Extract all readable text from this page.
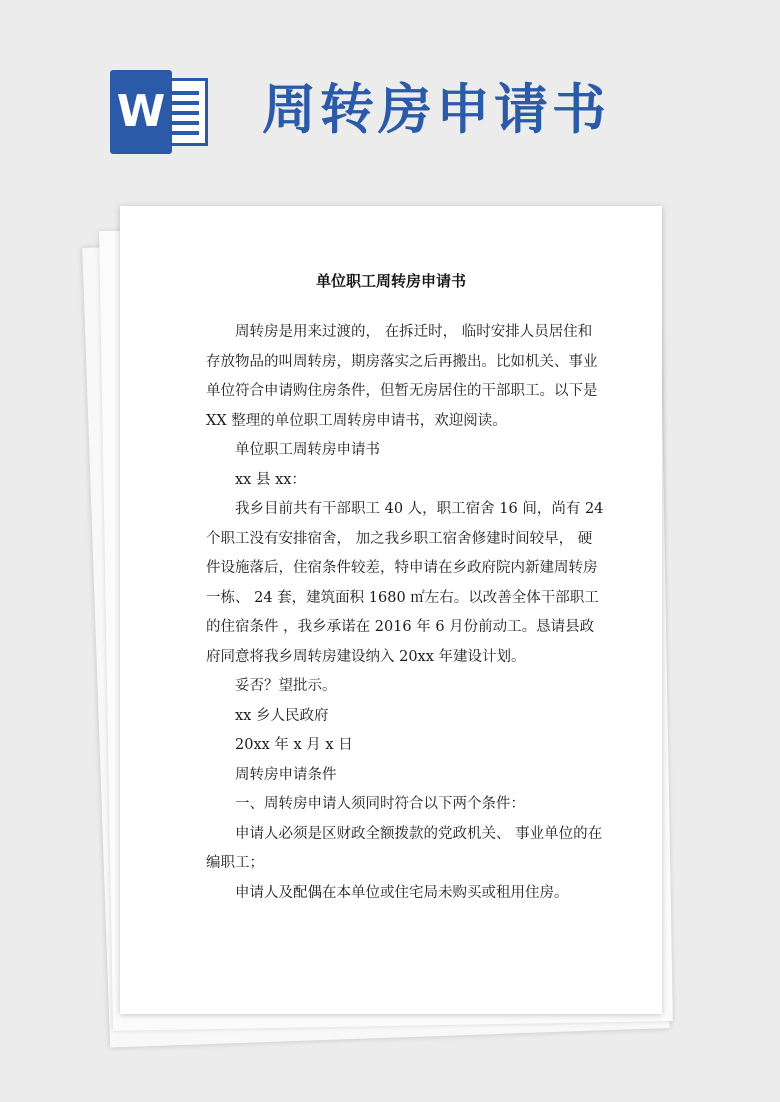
W 周转房申请书
单位职工周转房申请书

周转房是用来过渡的， 在拆迁时， 临时安排人员居住和存放物品的叫周转房，期房落实之后再搬出。比如机关、事业单位符合申请购住房条件，但暂无房居住的干部职工。以下是 XX 整理的单位职工周转房申请书，欢迎阅读。

单位职工周转房申请书

xx 县 xx：

我乡目前共有干部职工 40 人，职工宿舍 16 间，尚有 24 个职工没有安排宿舍， 加之我乡职工宿舍修建时间较早， 硬件设施落后，住宿条件较差，特申请在乡政府院内新建周转房一栋、 24 套，建筑面积 1680 ㎡左右。以改善全体干部职工的住宿条件 ，我乡承诺在 2016 年 6 月份前动工。恳请县政府同意将我乡周转房建设纳入 20xx 年建设计划。

妥否？望批示。

xx 乡人民政府

20xx 年 x 月 x 日

周转房申请条件

一、周转房申请人须同时符合以下两个条件：

申请人必须是区财政全额拨款的党政机关、 事业单位的在编职工；

申请人及配偶在本单位或住宅局未购买或租用住房。
